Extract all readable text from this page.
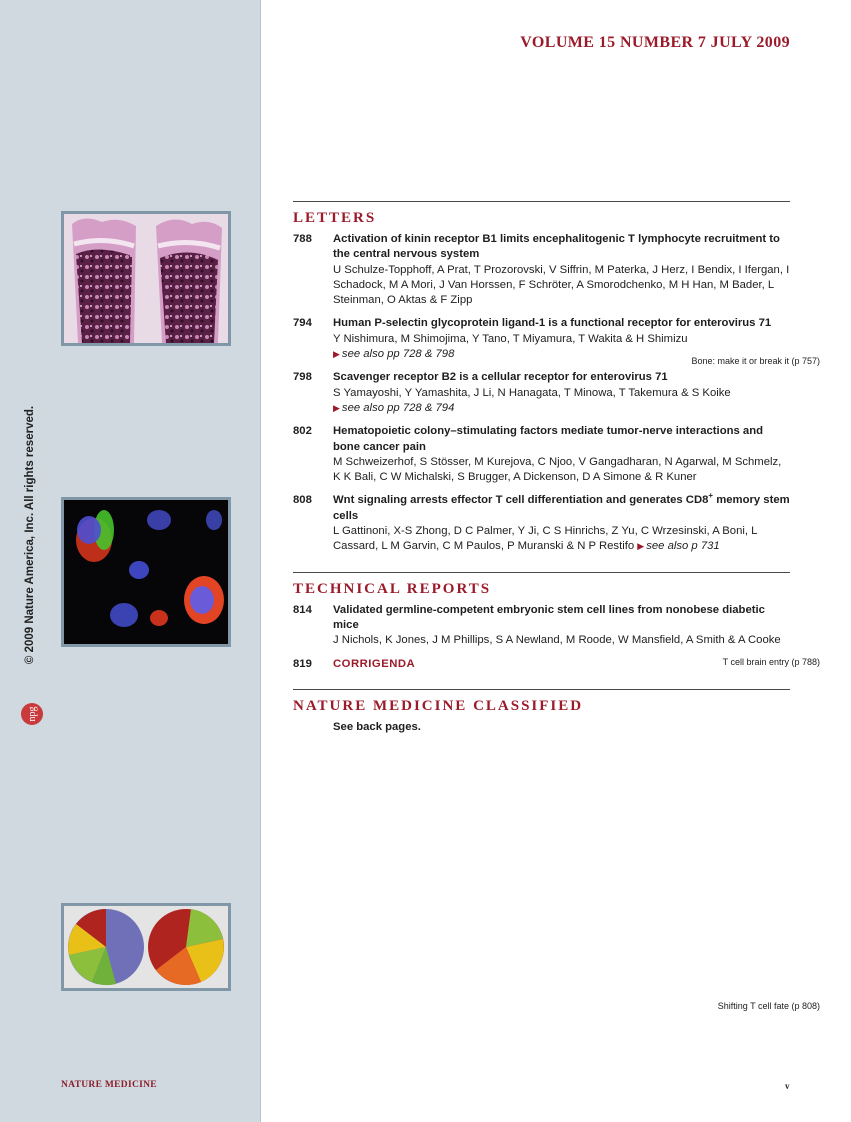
Bone: make it or break it (p 757)
T cell brain entry (p 788)
Shifting T cell fate (p 808)
© 2009 Nature America, Inc. All rights reserved.
npg
NATURE MEDICINE	v
VOLUME 15 NUMBER 7 JULY 2009
LETTERS
788	Activation of kinin receptor B1 limits encephalitogenic T lymphocyte recruitment to the central nervous system
U Schulze-Topphoff, A Prat, T Prozorovski, V Siffrin, M Paterka, J Herz, I Bendix, I Ifergan, I Schadock, M A Mori, J Van Horssen, F Schröter, A Smorodchenko, M H Han, M Bader, L Steinman, O Aktas & F Zipp
794	Human P-selectin glycoprotein ligand-1 is a functional receptor for enterovirus 71
Y Nishimura, M Shimojima, Y Tano, T Miyamura, T Wakita & H Shimizu
▶ see also pp 728 & 798
798	Scavenger receptor B2 is a cellular receptor for enterovirus 71
S Yamayoshi, Y Yamashita, J Li, N Hanagata, T Minowa, T Takemura & S Koike
▶ see also pp 728 & 794
802	Hematopoietic colony–stimulating factors mediate tumor-nerve interactions and bone cancer pain
M Schweizerhof, S Stösser, M Kurejova, C Njoo, V Gangadharan, N Agarwal, M Schmelz, K K Bali, C W Michalski, S Brugger, A Dickenson, D A Simone & R Kuner
808	Wnt signaling arrests effector T cell differentiation and generates CD8+ memory stem cells
L Gattinoni, X-S Zhong, D C Palmer, Y Ji, C S Hinrichs, Z Yu, C Wrzesinski, A Boni, L Cassard, L M Garvin, C M Paulos, P Muranski & N P Restifo ▶ see also p 731
TECHNICAL REPORTS
814	Validated germline-competent embryonic stem cell lines from nonobese diabetic mice
J Nichols, K Jones, J M Phillips, S A Newland, M Roode, W Mansfield, A Smith & A Cooke
819	CORRIGENDA
NATURE MEDICINE CLASSIFIED
See back pages.
